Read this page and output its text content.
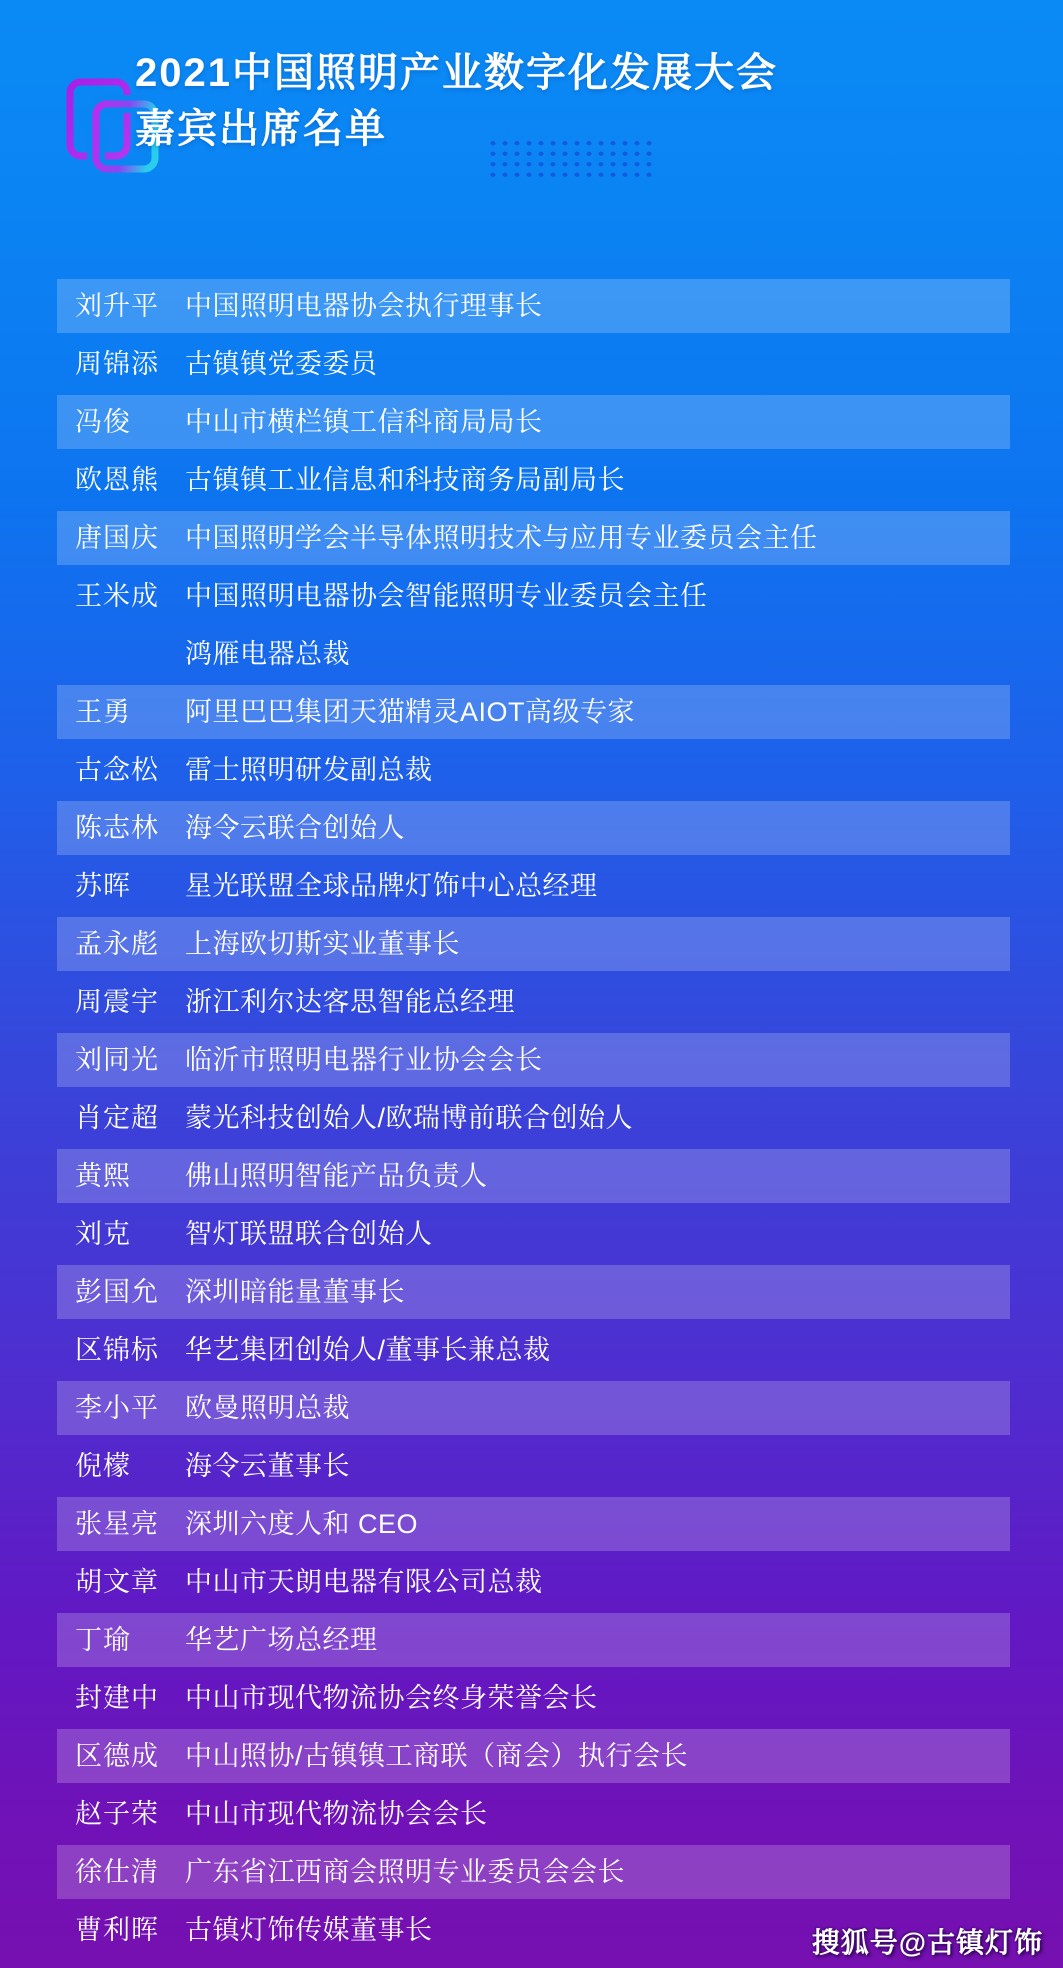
2021中国照明产业数字化发展大会
嘉宾出席名单
刘升平 中国照明电器协会执行理事长
周锦添 古镇镇党委委员
冯俊	中山市横栏镇工信科商局局长
欧恩熊 古镇镇工业信息和科技商务局副局长
唐国庆 中国照明学会半导体照明技术与应用专业委员会主任
王米成 中国照明电器协会智能照明专业委员会主任
鸿雁电器总裁
王勇	阿里巴巴集团天猫精灵AIOT高级专家
古念松 雷士照明研发副总裁
陈志林 海令云联合创始人
苏晖	星光联盟全球品牌灯饰中心总经理
孟永彪 上海欧切斯实业董事长
周震宇 浙江利尔达客思智能总经理
刘同光 临沂市照明电器行业协会会长
肖定超 蒙光科技创始人/欧瑞博前联合创始人
黄熙	佛山照明智能产品负责人
刘克	智灯联盟联合创始人
彭国允 深圳暗能量董事长
区锦标 华艺集团创始人/董事长兼总裁
李小平 欧曼照明总裁
倪檬	海令云董事长
张星亮 深圳六度人和 CEO
胡文章 中山市天朗电器有限公司总裁
丁瑜	华艺广场总经理
封建中 中山市现代物流协会终身荣誉会长
区德成 中山照协/古镇镇工商联（商会）执行会长
赵子荣 中山市现代物流协会会长
徐仕清 广东省江西商会照明专业委员会会长
曹利晖 古镇灯饰传媒董事长	搜狐号@古镇灯饰
